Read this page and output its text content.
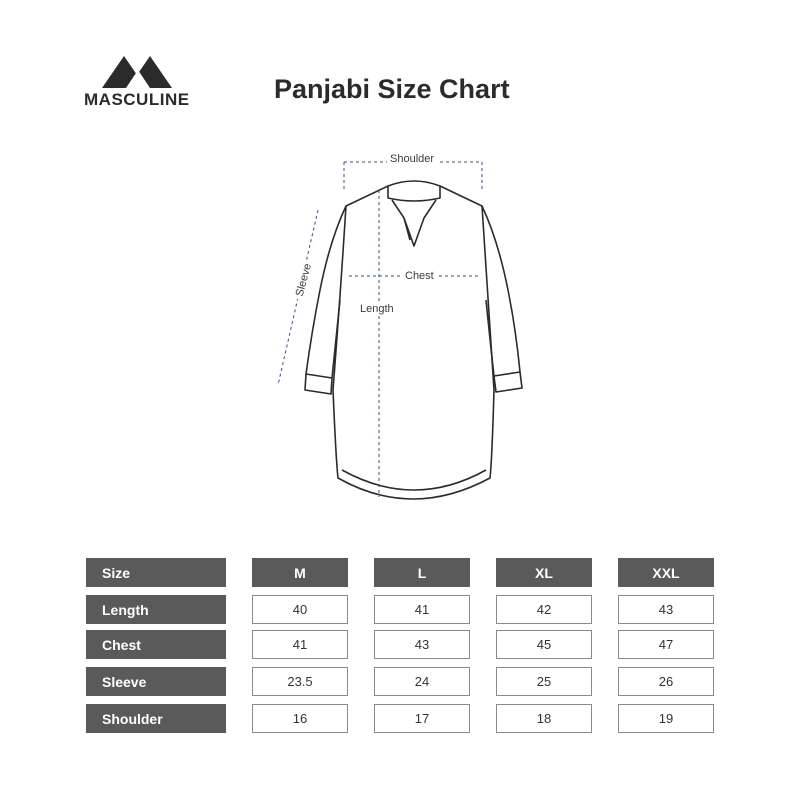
MASCULINE	Panjabi Size Chart
Shoulder
Chest
Length
Sleeve
Size	M	L	XL	XXL
Length	40	41	42	43
Chest	41	43	45	47
Sleeve	23.5	24	25	26
Shoulder	16	17	18	19
